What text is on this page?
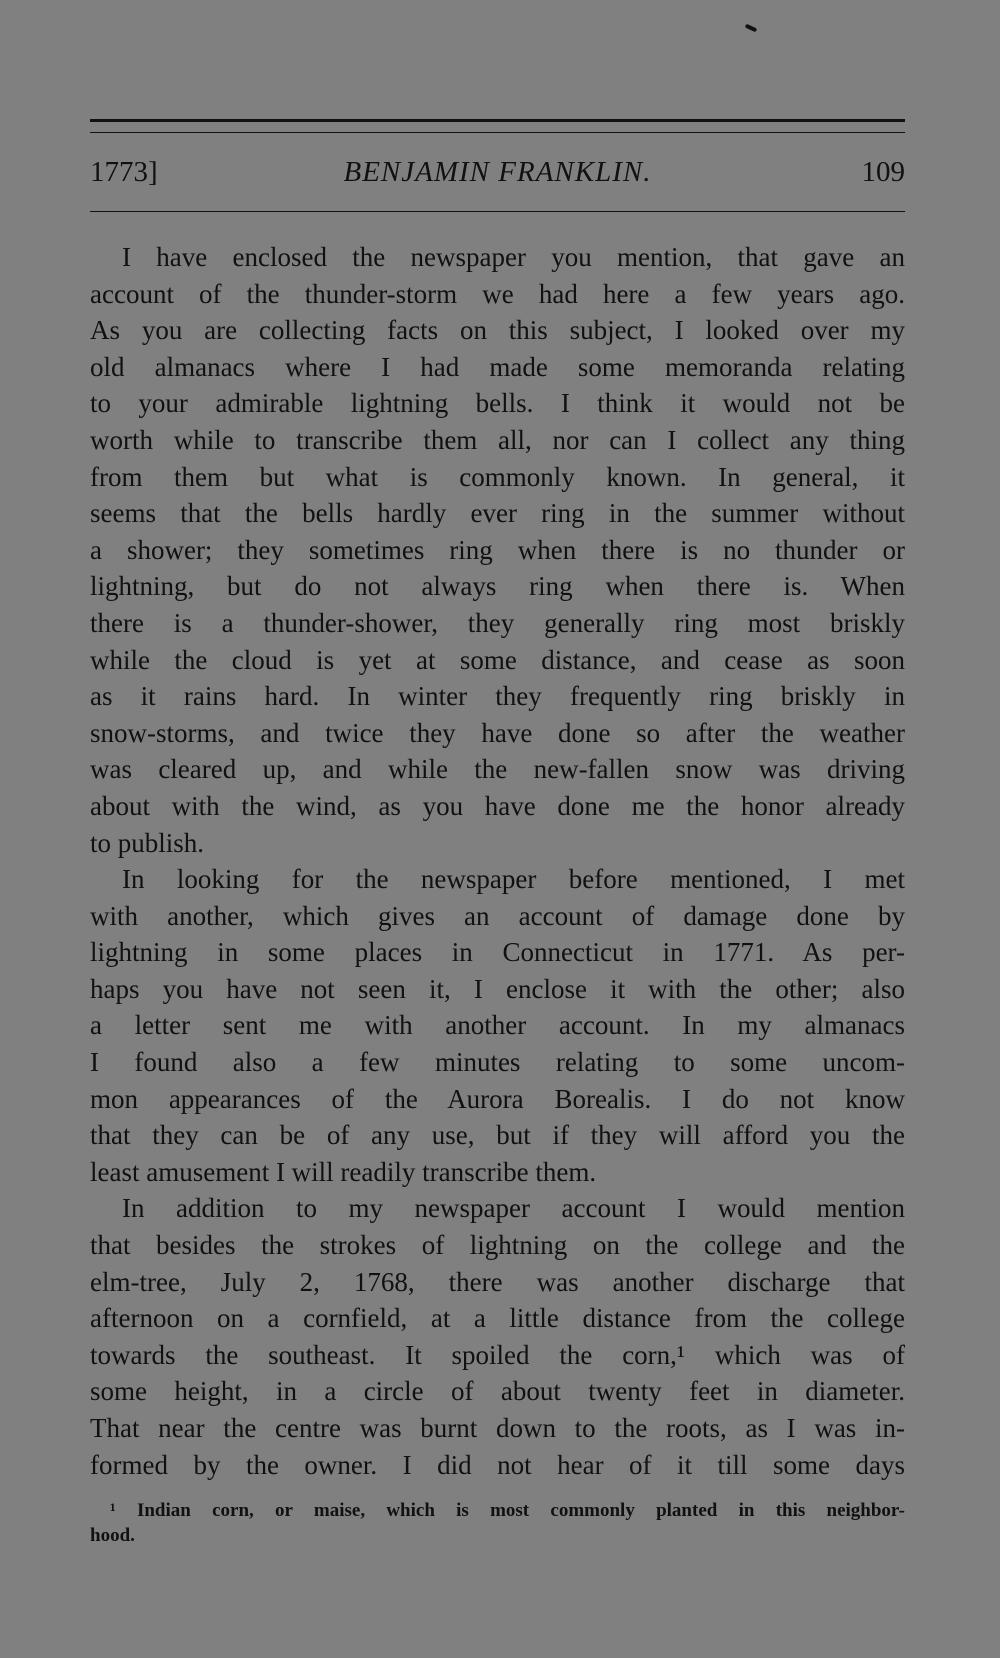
1773]	BENJAMIN FRANKLIN.	109
I have enclosed the newspaper you mention, that gave an
account of the thunder-storm we had here a few years ago.
As you are collecting facts on this subject, I looked over my
old almanacs where I had made some memoranda relating
to your admirable lightning bells. I think it would not be
worth while to transcribe them all, nor can I collect any thing
from them but what is commonly known. In general, it
seems that the bells hardly ever ring in the summer without
a shower; they sometimes ring when there is no thunder or
lightning, but do not always ring when there is. When
there is a thunder-shower, they generally ring most briskly
while the cloud is yet at some distance, and cease as soon
as it rains hard. In winter they frequently ring briskly in
snow-storms, and twice they have done so after the weather
was cleared up, and while the new-fallen snow was driving
about with the wind, as you have done me the honor already
to publish.
In looking for the newspaper before mentioned, I met
with another, which gives an account of damage done by
lightning in some places in Connecticut in 1771. As per-
haps you have not seen it, I enclose it with the other; also
a letter sent me with another account. In my almanacs
I found also a few minutes relating to some uncom-
mon appearances of the Aurora Borealis. I do not know
that they can be of any use, but if they will afford you the
least amusement I will readily transcribe them.
In addition to my newspaper account I would mention
that besides the strokes of lightning on the college and the
elm-tree, July 2, 1768, there was another discharge that
afternoon on a cornfield, at a little distance from the college
towards the southeast. It spoiled the corn,¹ which was of
some height, in a circle of about twenty feet in diameter.
That near the centre was burnt down to the roots, as I was in-
formed by the owner. I did not hear of it till some days
¹ Indian corn, or maise, which is most commonly planted in this neighbor-
hood.
